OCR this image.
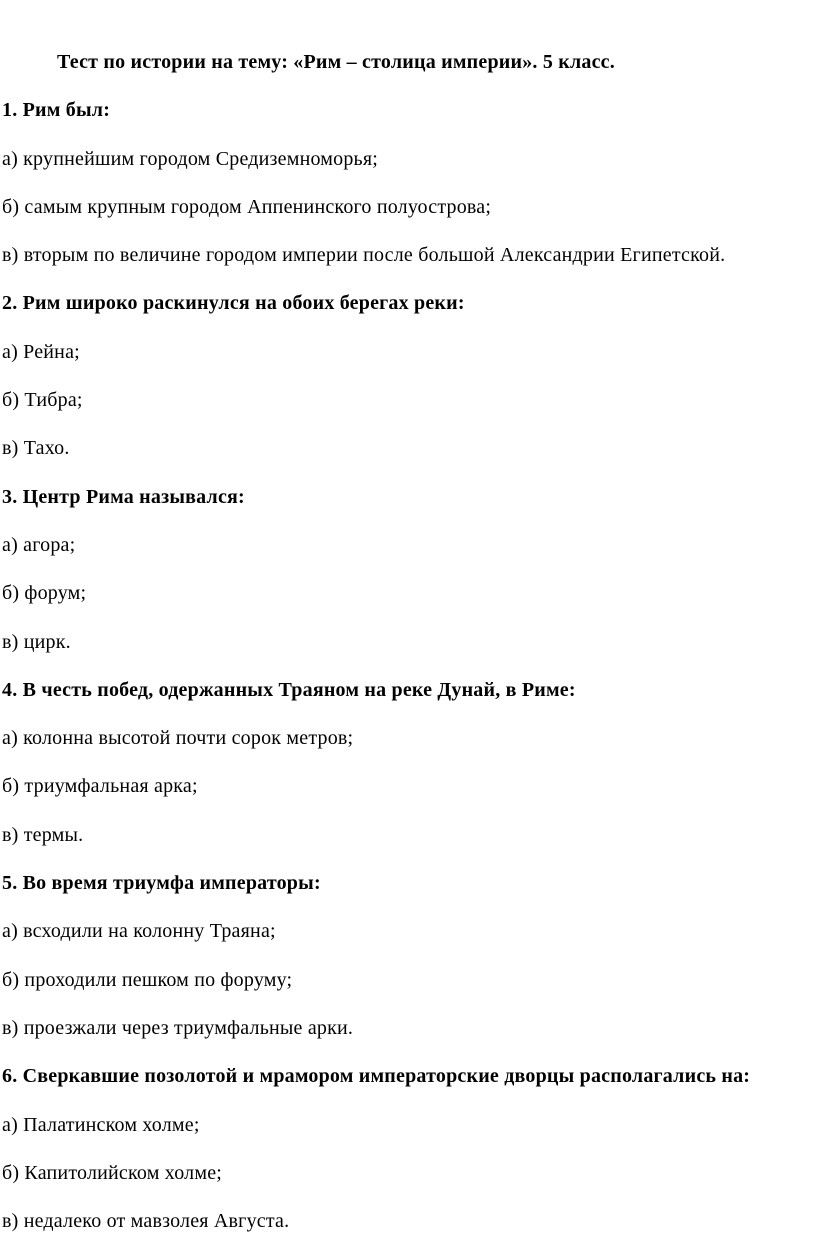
Тест по истории на тему: «Рим – столица империи». 5 класс.

1. Рим был:

а) крупнейшим городом Средиземноморья;

б) самым крупным городом Аппенинского полуострова;

в) вторым по величине городом империи после большой Александрии Египетской.

2. Рим широко раскинулся на обоих берегах реки:

а) Рейна;

б) Тибра;

в) Тахо.

3. Центр Рима назывался:

а) агора;

б) форум;

в) цирк.

4. В честь побед, одержанных Траяном на реке Дунай, в Риме:

а) колонна высотой почти сорок метров;

б) триумфальная арка;

в) термы.

5. Во время триумфа императоры:

а) всходили на колонну Траяна;

б) проходили пешком по форуму;

в) проезжали через триумфальные арки.

6. Сверкавшие позолотой и мрамором императорские дворцы располагались на:

а) Палатинском холме;

б) Капитолийском холме;

в) недалеко от мавзолея Августа.
